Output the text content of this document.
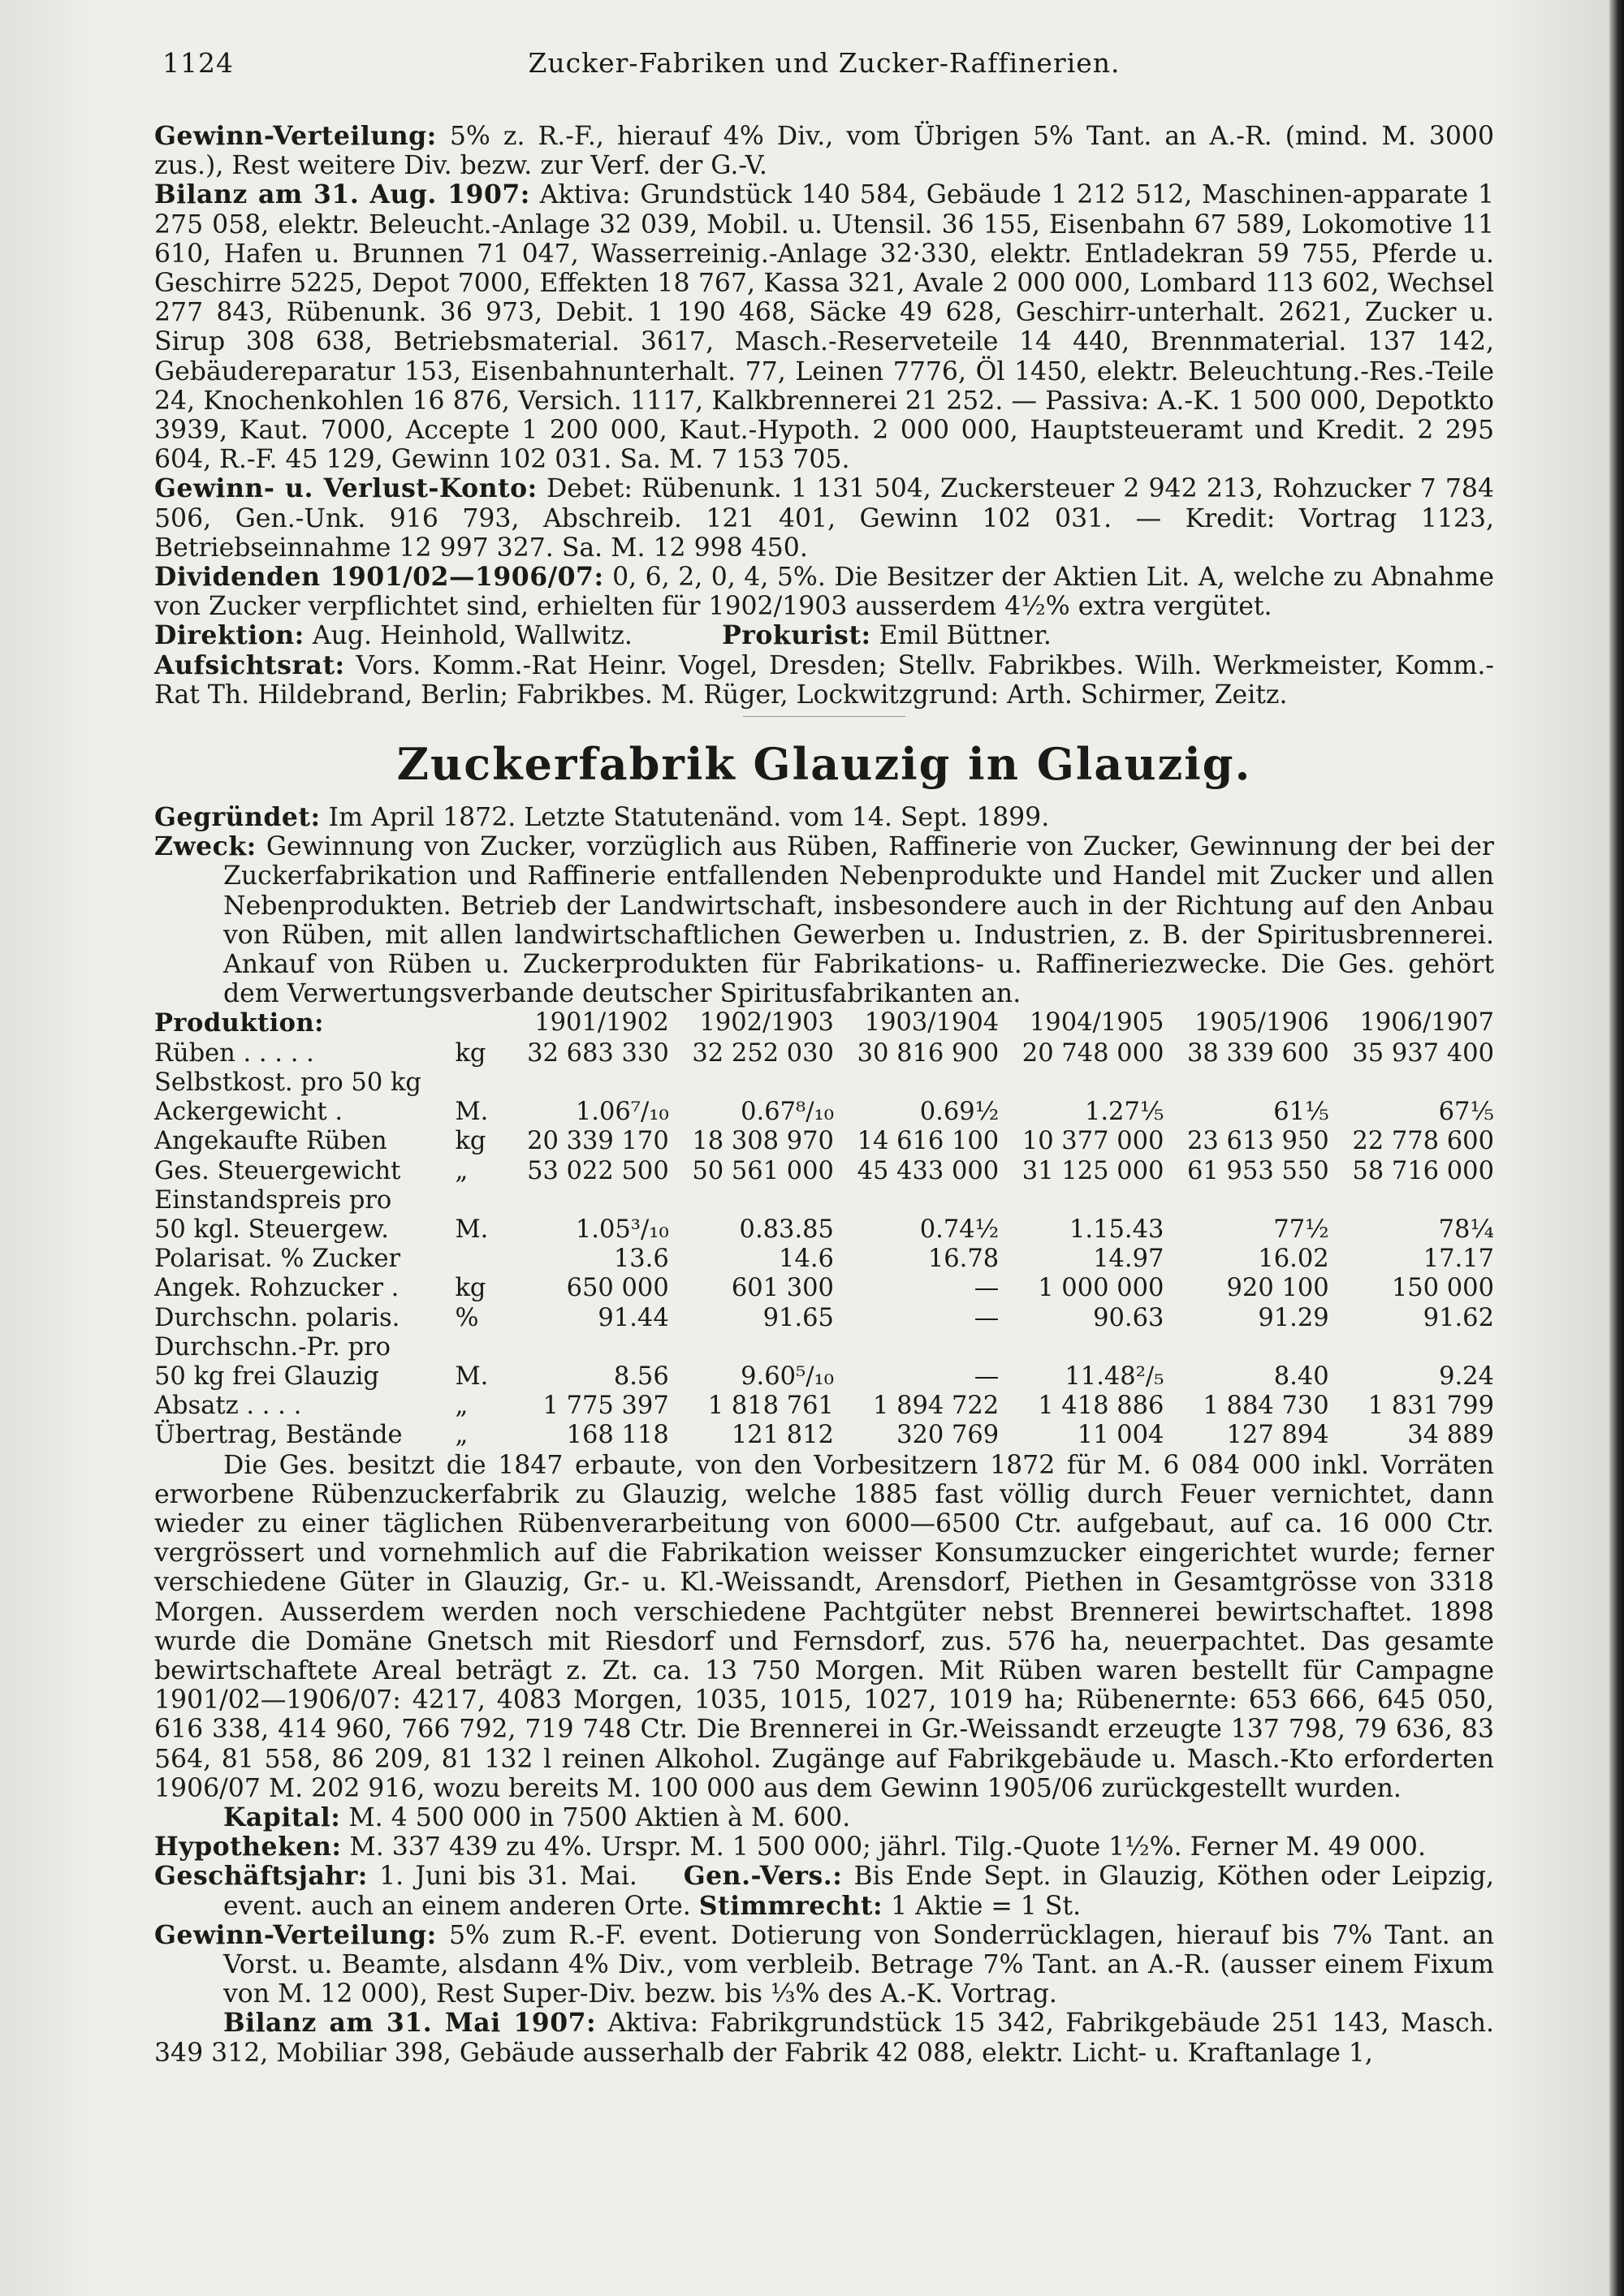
1124	Zucker-Fabriken und Zucker-Raffinerien.

Gewinn-Verteilung: 5% z. R.-F., hierauf 4% Div., vom Übrigen 5% Tant. an A.-R. (mind. M. 3000 zus.), Rest weitere Div. bezw. zur Verf. der G.-V.

Bilanz am 31. Aug. 1907: Aktiva: Grundstück 140 584, Gebäude 1 212 512, Maschinen-apparate 1 275 058, elektr. Beleucht.-Anlage 32 039, Mobil. u. Utensil. 36 155, Eisenbahn 67 589, Lokomotive 11 610, Hafen u. Brunnen 71 047, Wasserreinig.-Anlage 32·330, elektr. Entladekran 59 755, Pferde u. Geschirre 5225, Depot 7000, Effekten 18 767, Kassa 321, Avale 2 000 000, Lombard 113 602, Wechsel 277 843, Rübenunk. 36 973, Debit. 1 190 468, Säcke 49 628, Geschirr-unterhalt. 2621, Zucker u. Sirup 308 638, Betriebsmaterial. 3617, Masch.-Reserveteile 14 440, Brennmaterial. 137 142, Gebäudereparatur 153, Eisenbahnunterhalt. 77, Leinen 7776, Öl 1450, elektr. Beleuchtung.-Res.-Teile 24, Knochenkohlen 16 876, Versich. 1117, Kalkbrennerei 21 252. — Passiva: A.-K. 1 500 000, Depotkto 3939, Kaut. 7000, Accepte 1 200 000, Kaut.-Hypoth. 2 000 000, Hauptsteueramt und Kredit. 2 295 604, R.-F. 45 129, Gewinn 102 031. Sa. M. 7 153 705.

Gewinn- u. Verlust-Konto: Debet: Rübenunk. 1 131 504, Zuckersteuer 2 942 213, Rohzucker 7 784 506, Gen.-Unk. 916 793, Abschreib. 121 401, Gewinn 102 031. — Kredit: Vortrag 1123, Betriebseinnahme 12 997 327. Sa. M. 12 998 450.

Dividenden 1901/02—1906/07: 0, 6, 2, 0, 4, 5%. Die Besitzer der Aktien Lit. A, welche zu Abnahme von Zucker verpflichtet sind, erhielten für 1902/1903 ausserdem 4½% extra vergütet.

Direktion: Aug. Heinhold, Wallwitz.	Prokurist: Emil Büttner.

Aufsichtsrat: Vors. Komm.-Rat Heinr. Vogel, Dresden; Stellv. Fabrikbes. Wilh. Werkmeister, Komm.-Rat Th. Hildebrand, Berlin; Fabrikbes. M. Rüger, Lockwitzgrund: Arth. Schirmer, Zeitz.

Zuckerfabrik Glauzig in Glauzig.

Gegründet: Im April 1872. Letzte Statutenänd. vom 14. Sept. 1899.

Zweck: Gewinnung von Zucker, vorzüglich aus Rüben, Raffinerie von Zucker, Gewinnung der bei der Zuckerfabrikation und Raffinerie entfallenden Nebenprodukte und Handel mit Zucker und allen Nebenprodukten. Betrieb der Landwirtschaft, insbesondere auch in der Richtung auf den Anbau von Rüben, mit allen landwirtschaftlichen Gewerben u. Industrien, z. B. der Spiritusbrennerei. Ankauf von Rüben u. Zuckerprodukten für Fabrikations- u. Raffineriezwecke. Die Ges. gehört dem Verwertungsverbande deutscher Spiritusfabrikanten an.

Produktion:		1901/1902	1902/1903	1903/1904	1904/1905	1905/1906	1906/1907
Rüben . . . . .	kg	32 683 330	32 252 030	30 816 900	20 748 000	38 339 600	35 937 400
Selbstkost. pro 50 kg							
Ackergewicht .	M.	1.06⁷/₁₀	0.67⁸/₁₀	0.69½	1.27⅕	61⅕	67⅕
Angekaufte Rüben	kg	20 339 170	18 308 970	14 616 100	10 377 000	23 613 950	22 778 600
Ges. Steuergewicht	„	53 022 500	50 561 000	45 433 000	31 125 000	61 953 550	58 716 000
Einstandspreis pro							
50 kgl. Steuergew.	M.	1.05³/₁₀	0.83.85	0.74½	1.15.43	77½	78¼
Polarisat. % Zucker		13.6	14.6	16.78	14.97	16.02	17.17
Angek. Rohzucker .	kg	650 000	601 300	—	1 000 000	920 100	150 000
Durchschn. polaris.	%	91.44	91.65	—	90.63	91.29	91.62
Durchschn.-Pr. pro							
50 kg frei Glauzig	M.	8.56	9.60⁵/₁₀	—	11.48²/₅	8.40	9.24
Absatz . . . .	„	1 775 397	1 818 761	1 894 722	1 418 886	1 884 730	1 831 799
Übertrag, Bestände	„	168 118	121 812	320 769	11 004	127 894	34 889

Die Ges. besitzt die 1847 erbaute, von den Vorbesitzern 1872 für M. 6 084 000 inkl. Vorräten erworbene Rübenzuckerfabrik zu Glauzig, welche 1885 fast völlig durch Feuer vernichtet, dann wieder zu einer täglichen Rübenverarbeitung von 6000—6500 Ctr. aufgebaut, auf ca. 16 000 Ctr. vergrössert und vornehmlich auf die Fabrikation weisser Konsumzucker eingerichtet wurde; ferner verschiedene Güter in Glauzig, Gr.- u. Kl.-Weissandt, Arensdorf, Piethen in Gesamtgrösse von 3318 Morgen. Ausserdem werden noch verschiedene Pachtgüter nebst Brennerei bewirtschaftet. 1898 wurde die Domäne Gnetsch mit Riesdorf und Fernsdorf, zus. 576 ha, neuerpachtet. Das gesamte bewirtschaftete Areal beträgt z. Zt. ca. 13 750 Morgen. Mit Rüben waren bestellt für Campagne 1901/02—1906/07: 4217, 4083 Morgen, 1035, 1015, 1027, 1019 ha; Rübenernte: 653 666, 645 050, 616 338, 414 960, 766 792, 719 748 Ctr. Die Brennerei in Gr.-Weissandt erzeugte 137 798, 79 636, 83 564, 81 558, 86 209, 81 132 l reinen Alkohol. Zugänge auf Fabrikgebäude u. Masch.-Kto erforderten 1906/07 M. 202 916, wozu bereits M. 100 000 aus dem Gewinn 1905/06 zurückgestellt wurden.

Kapital: M. 4 500 000 in 7500 Aktien à M. 600.

Hypotheken: M. 337 439 zu 4%. Urspr. M. 1 500 000; jährl. Tilg.-Quote 1½%. Ferner M. 49 000.

Geschäftsjahr: 1. Juni bis 31. Mai. Gen.-Vers.: Bis Ende Sept. in Glauzig, Köthen oder Leipzig, event. auch an einem anderen Orte. Stimmrecht: 1 Aktie = 1 St.

Gewinn-Verteilung: 5% zum R.-F. event. Dotierung von Sonderrücklagen, hierauf bis 7% Tant. an Vorst. u. Beamte, alsdann 4% Div., vom verbleib. Betrage 7% Tant. an A.-R. (ausser einem Fixum von M. 12 000), Rest Super-Div. bezw. bis ⅓% des A.-K. Vortrag.

Bilanz am 31. Mai 1907: Aktiva: Fabrikgrundstück 15 342, Fabrikgebäude 251 143, Masch. 349 312, Mobiliar 398, Gebäude ausserhalb der Fabrik 42 088, elektr. Licht- u. Kraftanlage 1,
